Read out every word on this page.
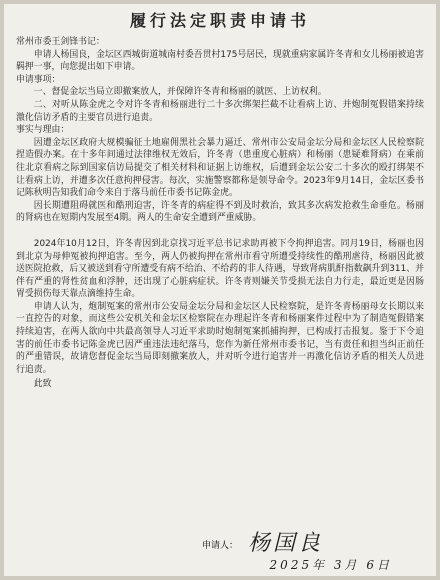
履行法定职责申请书

常州市委王剑锋书记：

申请人杨国良，金坛区西城街道城南村委吾贯村175号居民，现就重病家属许冬青和女儿杨丽被追害羁押一事，向您提出如下申请。

申请事项：

一、督促金坛当局立即撤案放人，并保障许冬青和杨丽的就医、上访权利。

二、对听从陈金虎之令对许冬青和杨丽进行二十多次绑架拦截不让看病上访、并炮制冤假错案持续激化信访矛盾的主要官员进行追责。

事实与理由：

因遭金坛区政府大规模骗征土地雇佣黑社会暴力逼迁、常州市公安局金坛分局和金坛区人民检察院捏造假办案。在十多年间通过法律维权无效后，许冬青（患重度心脏病）和杨丽（患疑难肾病）在乘前往北京看病之际到国家信访局提交了相关材料和证据上访维权，后遭到金坛公安二十多次的殴打绑架不让看病上访，并遭多次任意拘押侵害。每次，实施警察都称是领导命令。2023年9月14日，金坛区委书记陈秋明告知我们命令来自于落马前任市委书记陈金虎。

因长期遭阻碍就医和酷刑迫害，许冬青的病症得不到及时救治，致其多次病发抢救生命垂危。杨丽的肾病也在短期内发展至4期。两人的生命安全遭到严重威胁。

2024年10月12日，许冬青因到北京找习近平总书记求助再被下令拘押追害。同月19日，杨丽也因到北京为母伸冤被拘押追害。至今，两人仍被拘押在常州市看守所遭受持续性的酷刑虐待，杨丽因此被送医院抢救，后又被送到看守所遭受有病不给治、不给药的非人待遇，导致肾病肌酐指数飙升到311、并伴有严重的肾性贫血和浮肿，还出现了心脏病症状。许冬青则嫌关节受损无法自力行走，最近更是因肠胃受损伤每天靠点滴维持生命。

申请人认为，炮制冤案的常州市公安局金坛分局和金坛区人民检察院，是许冬青杨丽母女长期以来一直控告的对象，而这些公安机关和金坛区检察院在办理起许冬青和杨丽案件过程中为了制造冤假错案持续迫害，在两人欲向中共最高领导人习近平求助时炮制冤案抓捕拘押，已构成打击报复。鉴于下令追害的前任市委书记陈金虎已因严重违法违纪落马，您作为新任常州市委书记，当有责任和担当纠正前任的严重错误，故请您督促金坛当局即刻撤案放人，并对听令进行追害并一再激化信访矛盾的相关人员进行追责。

此致

申请人： 杨国良
2025年 3月 6日
